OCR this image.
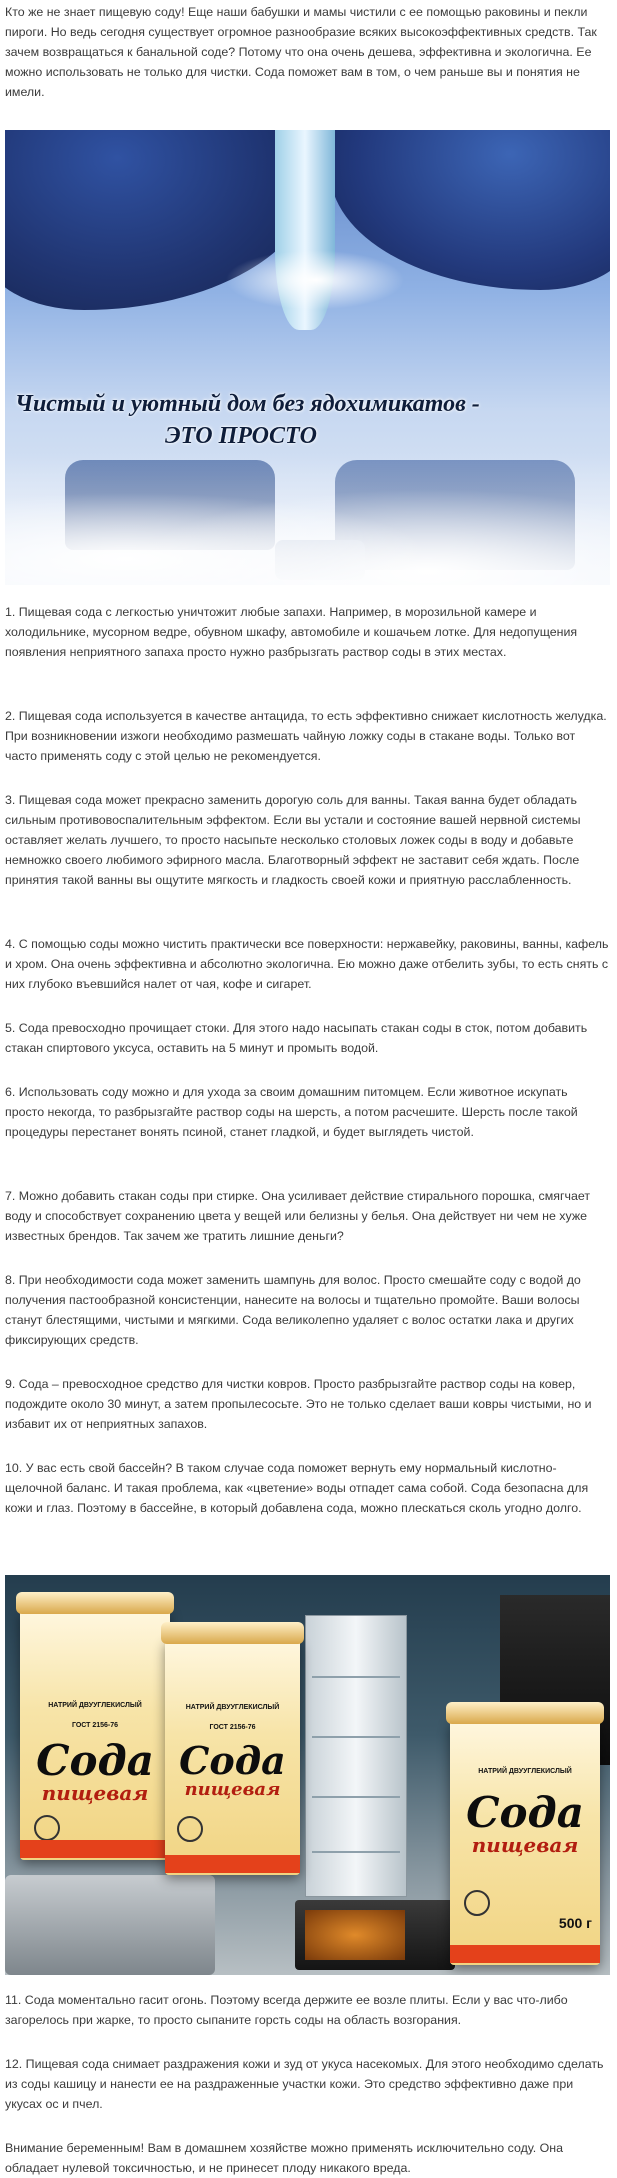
Кто же не знает пищевую соду! Еще наши бабушки и мамы чистили с ее помощью раковины и пекли пироги. Но ведь сегодня существует огромное разнообразие всяких высокоэффективных средств. Так зачем возвращаться к банальной соде? Потому что она очень дешева, эффективна и экологична. Ее можно использовать не только для чистки. Сода поможет вам в том, о чем раньше вы и понятия не имели.

Чистый и уютный дом без ядохимикатов -
ЭТО ПРОСТО

1. Пищевая сода с легкостью уничтожит любые запахи. Например, в морозильной камере и холодильнике, мусорном ведре, обувном шкафу, автомобиле и кошачьем лотке. Для недопущения появления неприятного запаха просто нужно разбрызгать раствор соды в этих местах.

2. Пищевая сода используется в качестве антацида, то есть эффективно снижает кислотность желудка. При возникновении изжоги необходимо размешать чайную ложку соды в стакане воды. Только вот часто применять соду с этой целью не рекомендуется.

3. Пищевая сода может прекрасно заменить дорогую соль для ванны. Такая ванна будет обладать сильным противовоспалительным эффектом. Если вы устали и состояние вашей нервной системы оставляет желать лучшего, то просто насыпьте несколько столовых ложек соды в воду и добавьте немножко своего любимого эфирного масла. Благотворный эффект не заставит себя ждать. После принятия такой ванны вы ощутите мягкость и гладкость своей кожи и приятную расслабленность.

4. С помощью соды можно чистить практически все поверхности: нержавейку, раковины, ванны, кафель и хром. Она очень эффективна и абсолютно экологична. Ею можно даже отбелить зубы, то есть снять с них глубоко въевшийся налет от чая, кофе и сигарет.

5. Сода превосходно прочищает стоки. Для этого надо насыпать стакан соды в сток, потом добавить стакан спиртового уксуса, оставить на 5 минут и промыть водой.

6. Использовать соду можно и для ухода за своим домашним питомцем. Если животное искупать просто некогда, то разбрызгайте раствор соды на шерсть, а потом расчешите. Шерсть после такой процедуры перестанет вонять псиной, станет гладкой, и будет выглядеть чистой.

7. Можно добавить стакан соды при стирке. Она усиливает действие стирального порошка, смягчает воду и способствует сохранению цвета у вещей или белизны у белья. Она действует ни чем не хуже известных брендов. Так зачем же тратить лишние деньги?

8. При необходимости сода может заменить шампунь для волос. Просто смешайте соду с водой до получения пастообразной консистенции, нанесите на волосы и тщательно промойте. Ваши волосы станут блестящими, чистыми и мягкими. Сода великолепно удаляет с волос остатки лака и других фиксирующих средств.

9. Сода – превосходное средство для чистки ковров. Просто разбрызгайте раствор соды на ковер, подождите около 30 минут, а затем пропылесосьте. Это не только сделает ваши ковры чистыми, но и избавит их от неприятных запахов.

10. У вас есть свой бассейн? В таком случае сода поможет вернуть ему нормальный кислотно-щелочной баланс. И такая проблема, как «цветение» воды отпадет сама собой. Сода безопасна для кожи и глаз. Поэтому в бассейне, в который добавлена сода, можно плескаться сколь угодно долго.

НАТРИЙ ДВУУГЛЕКИСЛЫЙ
ГОСТ 2156-76
Сода
пищевая
НАТРИЙ ДВУУГЛЕКИСЛЫЙ
ГОСТ 2156-76
Сода
пищевая
НАТРИЙ ДВУУГЛЕКИСЛЫЙ
Сода
пищевая
500 г

11. Сода моментально гасит огонь. Поэтому всегда держите ее возле плиты. Если у вас что-либо загорелось при жарке, то просто сыпаните горсть соды на область возгорания.

12. Пищевая сода снимает раздражения кожи и зуд от укуса насекомых. Для этого необходимо сделать из соды кашицу и нанести ее на раздраженные участки кожи. Это средство эффективно даже при укусах ос и пчел.

Внимание беременным! Вам в домашнем хозяйстве можно применять исключительно соду. Она обладает нулевой токсичностью, и не принесет плоду никакого вреда.
